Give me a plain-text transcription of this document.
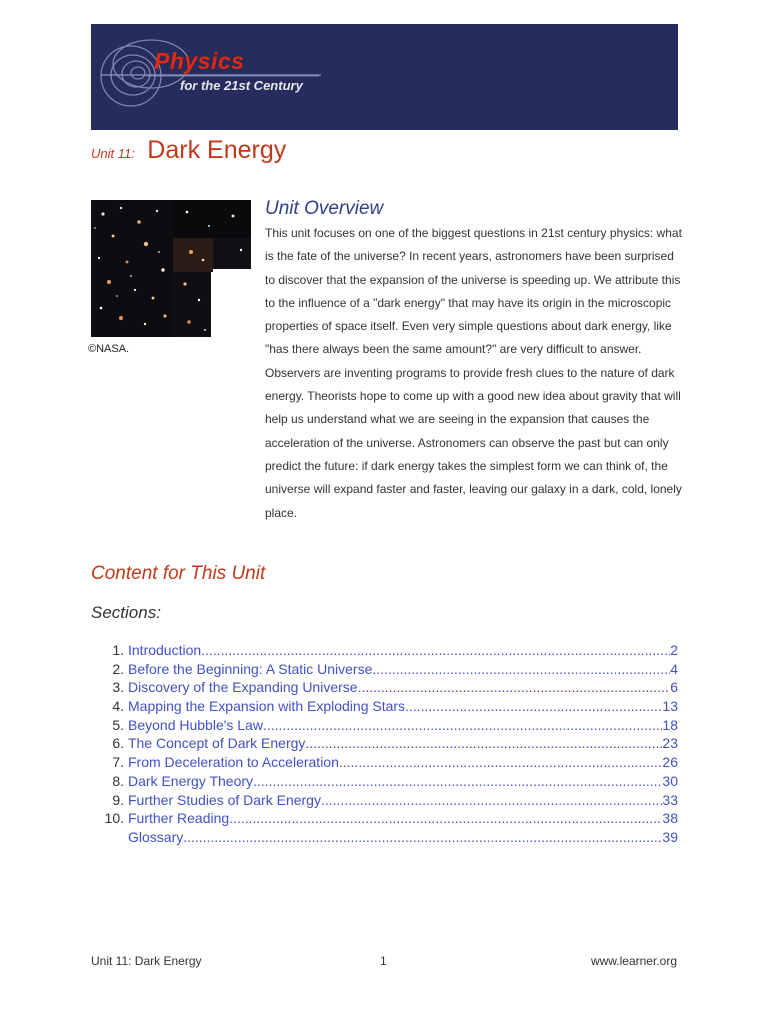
Physics
for the 21st Century
Unit 11: Dark Energy
©NASA.
Unit Overview

This unit focuses on one of the biggest questions in 21st century physics: what is the fate of the universe? In recent years, astronomers have been surprised to discover that the expansion of the universe is speeding up. We attribute this to the influence of a "dark energy" that may have its origin in the microscopic properties of space itself. Even very simple questions about dark energy, like "has there always been the same amount?" are very difficult to answer. Observers are inventing programs to provide fresh clues to the nature of dark energy. Theorists hope to come up with a good new idea about gravity that will help us understand what we are seeing in the expansion that causes the acceleration of the universe. Astronomers can observe the past but can only predict the future: if dark energy takes the simplest form we can think of, the universe will expand faster and faster, leaving our galaxy in a dark, cold, lonely place.

Content for This Unit
Sections:
1. Introduction .....	2
2. Before the Beginning: A Static Universe .....	4
3. Discovery of the Expanding Universe .....	6
4. Mapping the Expansion with Exploding Stars .....	13
5. Beyond Hubble's Law .....	18
6. The Concept of Dark Energy .....	23
7. From Deceleration to Acceleration .....	26
8. Dark Energy Theory .....	30
9. Further Studies of Dark Energy .....	33
10. Further Reading .....	38
Glossary .....	39
Unit 11: Dark Energy	1	www.learner.org
